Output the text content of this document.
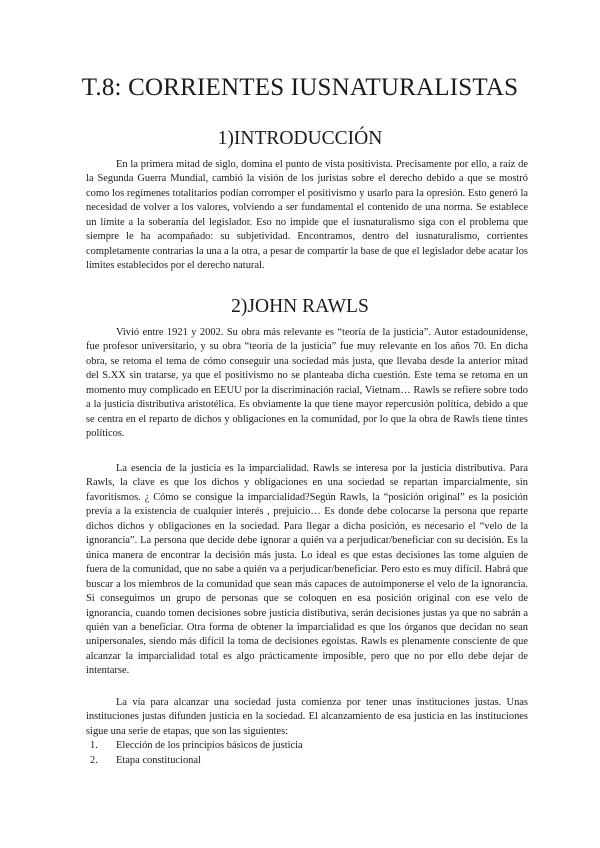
T.8: CORRIENTES IUSNATURALISTAS
1)INTRODUCCIÓN

En la primera mitad de siglo, domina el punto de vista positivista. Precisamente por ello, a raíz de la Segunda Guerra Mundial, cambió la visión de los juristas sobre el derecho debido a que se mostró como los regímenes totalitarios podían corromper el positivismo y usarlo para la opresión. Esto generó la necesidad de volver a los valores, volviendo a ser fundamental el contenido de una norma. Se establece un límite a la soberanía del legislador. Eso no impide que el iusnaturalismo siga con el problema que siempre le ha acompañado: su subjetividad. Encontramos, dentro del iusnaturalismo, corrientes completamente contrarias la una a la otra, a pesar de compartir la base de que el legislador debe acatar los límites establecidos por el derecho natural.

2)JOHN RAWLS

Vivió entre 1921 y 2002. Su obra más relevante es “teoría de la justicia”. Autor estadounidense, fue profesor universitario, y su obra “teoría de la justicia” fue muy relevante en los años 70. En dicha obra, se retoma el tema de cómo conseguir una sociedad más justa, que llevaba desde la anterior mitad del S.XX sin tratarse, ya que el positivismo no se planteaba dicha cuestión. Este tema se retoma en un momento muy complicado en EEUU por la discriminación racial, Vietnam… Rawls se refiere sobre todo a la justicia distributiva aristotélica. Es obviamente la que tiene mayor repercusión política, debido a que se centra en el reparto de dichos y obligaciones en la comunidad, por lo que la obra de Rawls tiene tintes políticos.

La esencia de la justicia es la imparcialidad. Rawls se interesa por la justicia distributiva. Para Rawls, la clave es que los dichos y obligaciones en una sociedad se repartan imparcialmente, sin favoritismos. ¿ Cómo se consigue la imparcialidad?Según Rawls, la “posición original” es la posición previa a la existencia de cualquier interés , prejuicio… Es donde debe colocarse la persona que reparte dichos dichos y obligaciones en la sociedad. Para llegar a dicha posición, es necesario el “velo de la ignorancia”. La persona que decide debe ignorar a quién va a perjudicar/beneficiar con su decisión. Es la única manera de encontrar la decisión más justa. Lo ideal es que estas decisiones las tome alguien de fuera de la comunidad, que no sabe a quién va a perjudicar/beneficiar. Pero esto es muy difícil. Habrá que buscar a los miembros de la comunidad que sean más capaces de autoimponerse el velo de la ignorancia. Si conseguimos un grupo de personas que se coloquen en esa posición original con ese velo de ignorancia, cuando tomen decisiones sobre justicia distibutiva, serán decisiones justas ya que no sabrán a quién van a beneficiar. Otra forma de obtener la imparcialidad es que los órganos que decidan no sean unipersonales, siendo más difícil la toma de decisiones egoístas. Rawls es plenamente consciente de que alcanzar la imparcialidad total es algo prácticamente imposible, pero que no por ello debe dejar de intentarse.

La vía para alcanzar una sociedad justa comienza por tener unas instituciones justas. Unas instituciones justas difunden justicia en la sociedad. El alcanzamiento de esa justicia en las instituciones sigue una serie de etapas, que son las siguientes:

1.	Elección de los principios básicos de justicia
2.	Etapa constitucional
